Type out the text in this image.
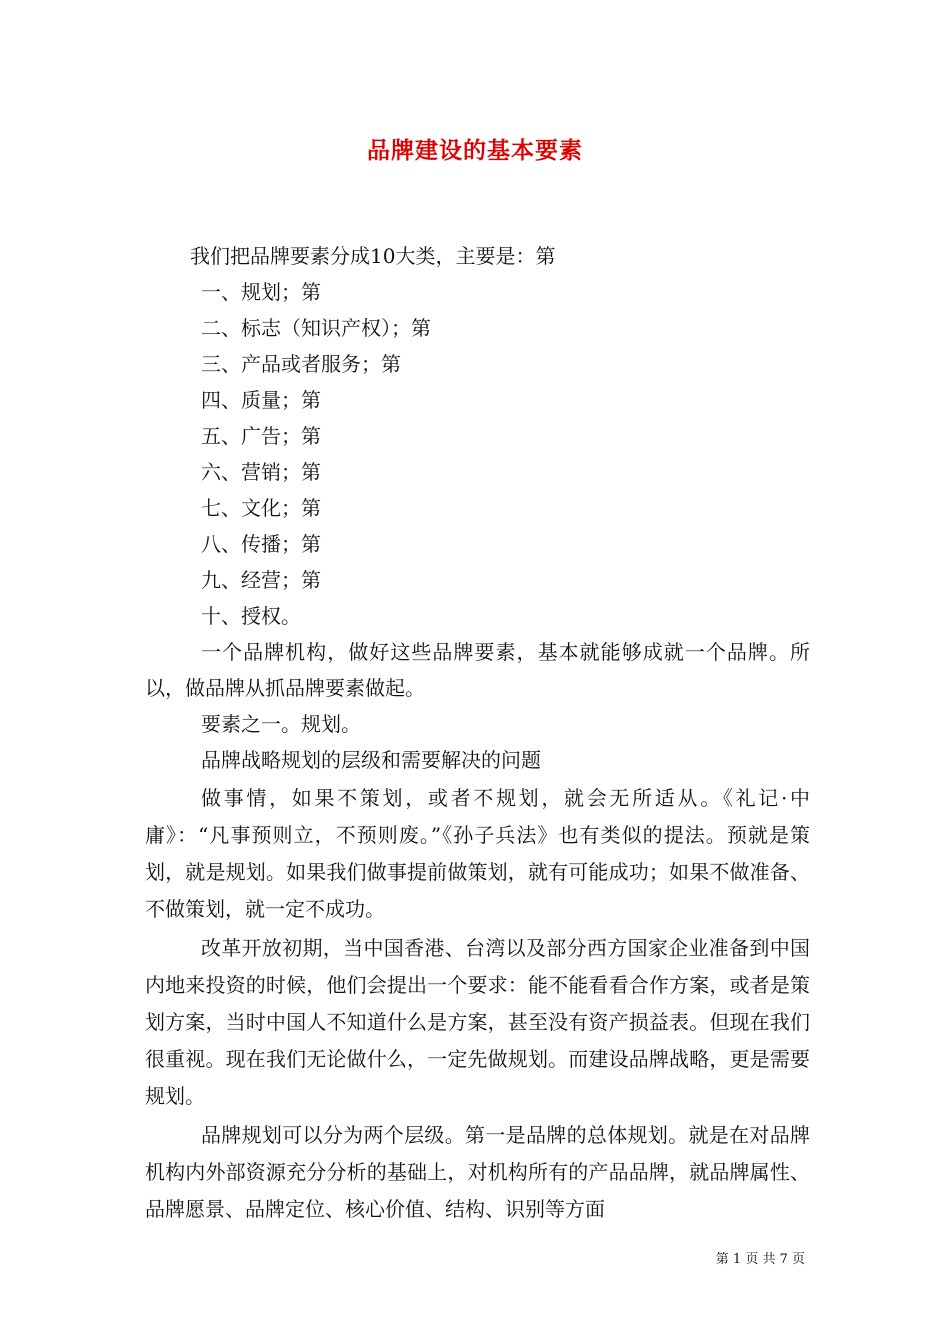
品牌建设的基本要素
我们把品牌要素分成10大类，主要是：第
一、规划；第
二、标志（知识产权）；第
三、产品或者服务；第
四、质量；第
五、广告；第
六、营销；第
七、文化；第
八、传播；第
九、经营；第
十、授权。
一个品牌机构，做好这些品牌要素，基本就能够成就一个品牌。所以，做品牌从抓品牌要素做起。
要素之一。规划。
品牌战略规划的层级和需要解决的问题
做事情，如果不策划，或者不规划，就会无所适从。《礼记·中庸》：“凡事预则立，不预则废。”《孙子兵法》也有类似的提法。预就是策划，就是规划。如果我们做事提前做策划，就有可能成功；如果不做准备、不做策划，就一定不成功。
改革开放初期，当中国香港、台湾以及部分西方国家企业准备到中国内地来投资的时候，他们会提出一个要求：能不能看看合作方案，或者是策划方案，当时中国人不知道什么是方案，甚至没有资产损益表。但现在我们很重视。现在我们无论做什么，一定先做规划。而建设品牌战略，更是需要规划。
品牌规划可以分为两个层级。第一是品牌的总体规划。就是在对品牌机构内外部资源充分分析的基础上，对机构所有的产品品牌，就品牌属性、品牌愿景、品牌定位、核心价值、结构、识别等方面
第 1 页 共 7 页
